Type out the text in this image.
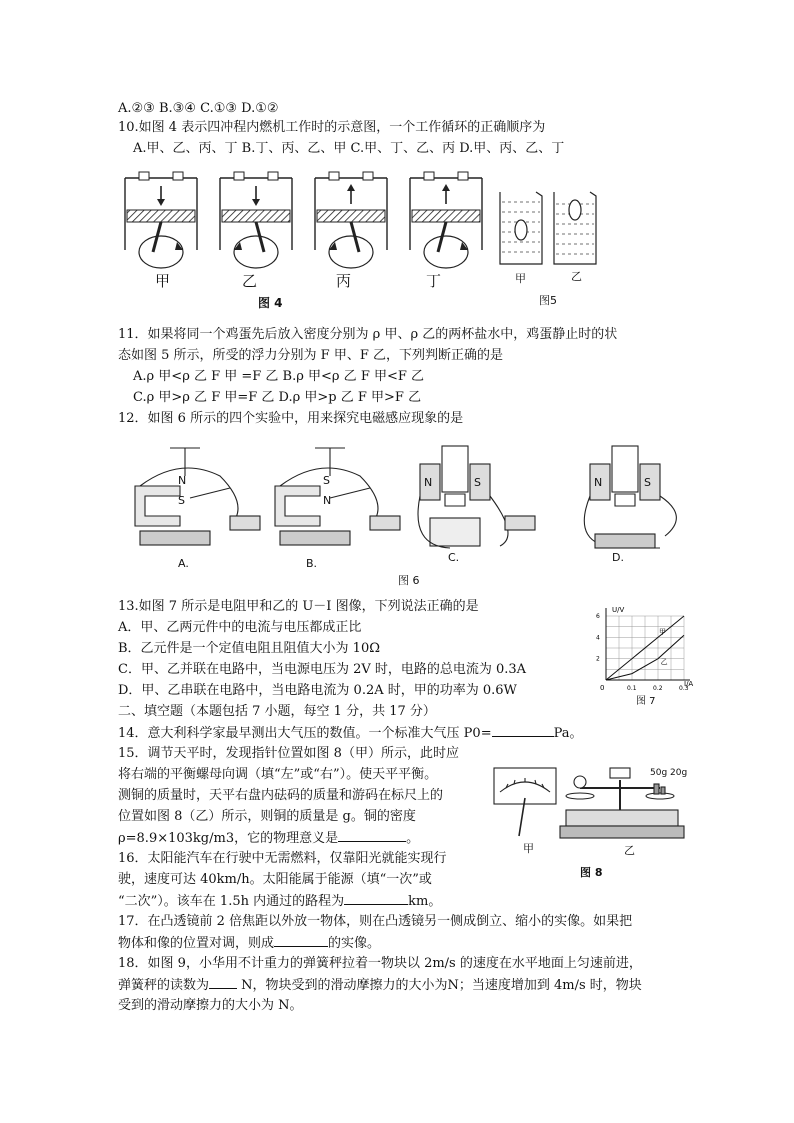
A.②③ B.③④ C.①③ D.①②
10.如图 4 表示四冲程内燃机工作时的示意图，一个工作循环的正确顺序为
A.甲、乙、丙、丁 B.丁、丙、乙、甲 C.甲、丁、乙、丙 D.甲、丙、乙、丁
图 4
甲	乙	丙	丁	甲	乙
图5
11．如果将同一个鸡蛋先后放入密度分别为 ρ 甲、ρ 乙的两杯盐水中，鸡蛋静止时的状
态如图 5 所示，所受的浮力分别为 F 甲、F 乙，下列判断正确的是
A.ρ 甲<ρ 乙 F 甲 =F 乙 B.ρ 甲<ρ 乙 F 甲<F 乙
C.ρ 甲>ρ 乙 F 甲=F 乙 D.ρ 甲>p 乙 F 甲>F 乙
12．如图 6 所示的四个实验中，用来探究电磁感应现象的是
N
S
S
N
N	S	N	S
A.	B.	C.	D.
图 6
13.如图 7 所示是电阻甲和乙的 U－I 图像，下列说法正确的是
A．甲、乙两元件中的电流与电压都成正比
B．乙元件是一个定值电阻且阻值大小为 10Ω
C．甲、乙并联在电路中，当电源电压为 2V 时，电路的总电流为 0.3A
D．甲、乙串联在电路中，当电路电流为 0.2A 时，甲的功率为 0.6W
U/V
I/A
0	0.1	0.2	0.3
2
4
6
甲
乙
图 7
二、填空题（本题包括 7 小题，每空 1 分，共 17 分）
14．意大利科学家最早测出大气压的数值。一个标准大气压 P0=	Pa。
15．调节天平时，发现指针位置如图 8（甲）所示，此时应
将右端的平衡螺母向调（填“左”或“右”）。使天平平衡。
测铜的质量时，天平右盘内砝码的质量和游码在标尺上的
位置如图 8（乙）所示，则铜的质量是 g。铜的密度
ρ=8.9×103kg/m3，它的物理意义是	。
50g 20g
甲	乙
图 8
16．太阳能汽车在行驶中无需燃料，仅靠阳光就能实现行
驶，速度可达 40km/h。太阳能属于能源（填“一次”或
“二次”）。该车在 1.5h 内通过的路程为	km。
17．在凸透镜前 2 倍焦距以外放一物体，则在凸透镜另一侧成倒立、缩小的实像。如果把
物体和像的位置对调，则成	的实像。
18．如图 9，小华用不计重力的弹簧秤拉着一物块以 2m/s 的速度在水平地面上匀速前进，
弹簧秤的读数为 N，物块受到的滑动摩擦力的大小为N；当速度增加到 4m/s 时，物块
受到的滑动摩擦力的大小为 N。
